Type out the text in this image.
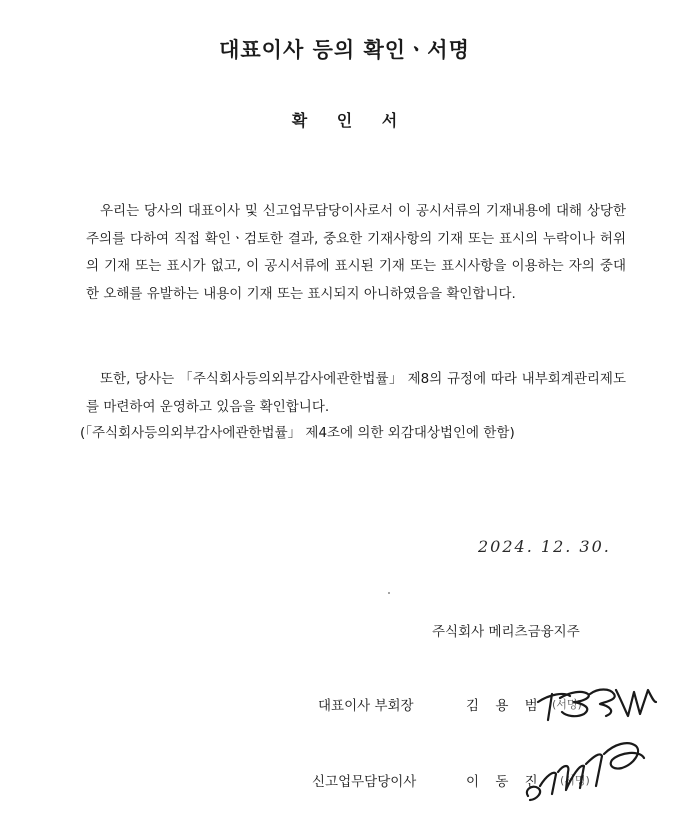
대표이사 등의 확인ㆍ서명
확 인 서

우리는 당사의 대표이사 및 신고업무담당이사로서 이 공시서류의 기재내용에 대해 상당한 주의를 다하여 직접 확인ㆍ검토한 결과, 중요한 기재사항의 기재 또는 표시의 누락이나 허위의 기재 또는 표시가 없고, 이 공시서류에 표시된 기재 또는 표시사항을 이용하는 자의 중대한 오해를 유발하는 내용이 기재 또는 표시되지 아니하였음을 확인합니다.

또한, 당사는 「주식회사등의외부감사에관한법률」 제8의 규정에 따라 내부회계관리제도를 마련하여 운영하고 있음을 확인합니다.

(「주식회사등의외부감사에관한법률」 제4조에 의한 외감대상법인에 한함)

2024. 12. 30.
주식회사 메리츠금융지주
대표이사 부회장	김 용 범 (서명)
신고업무담당이사	이 동 진 (서명)
